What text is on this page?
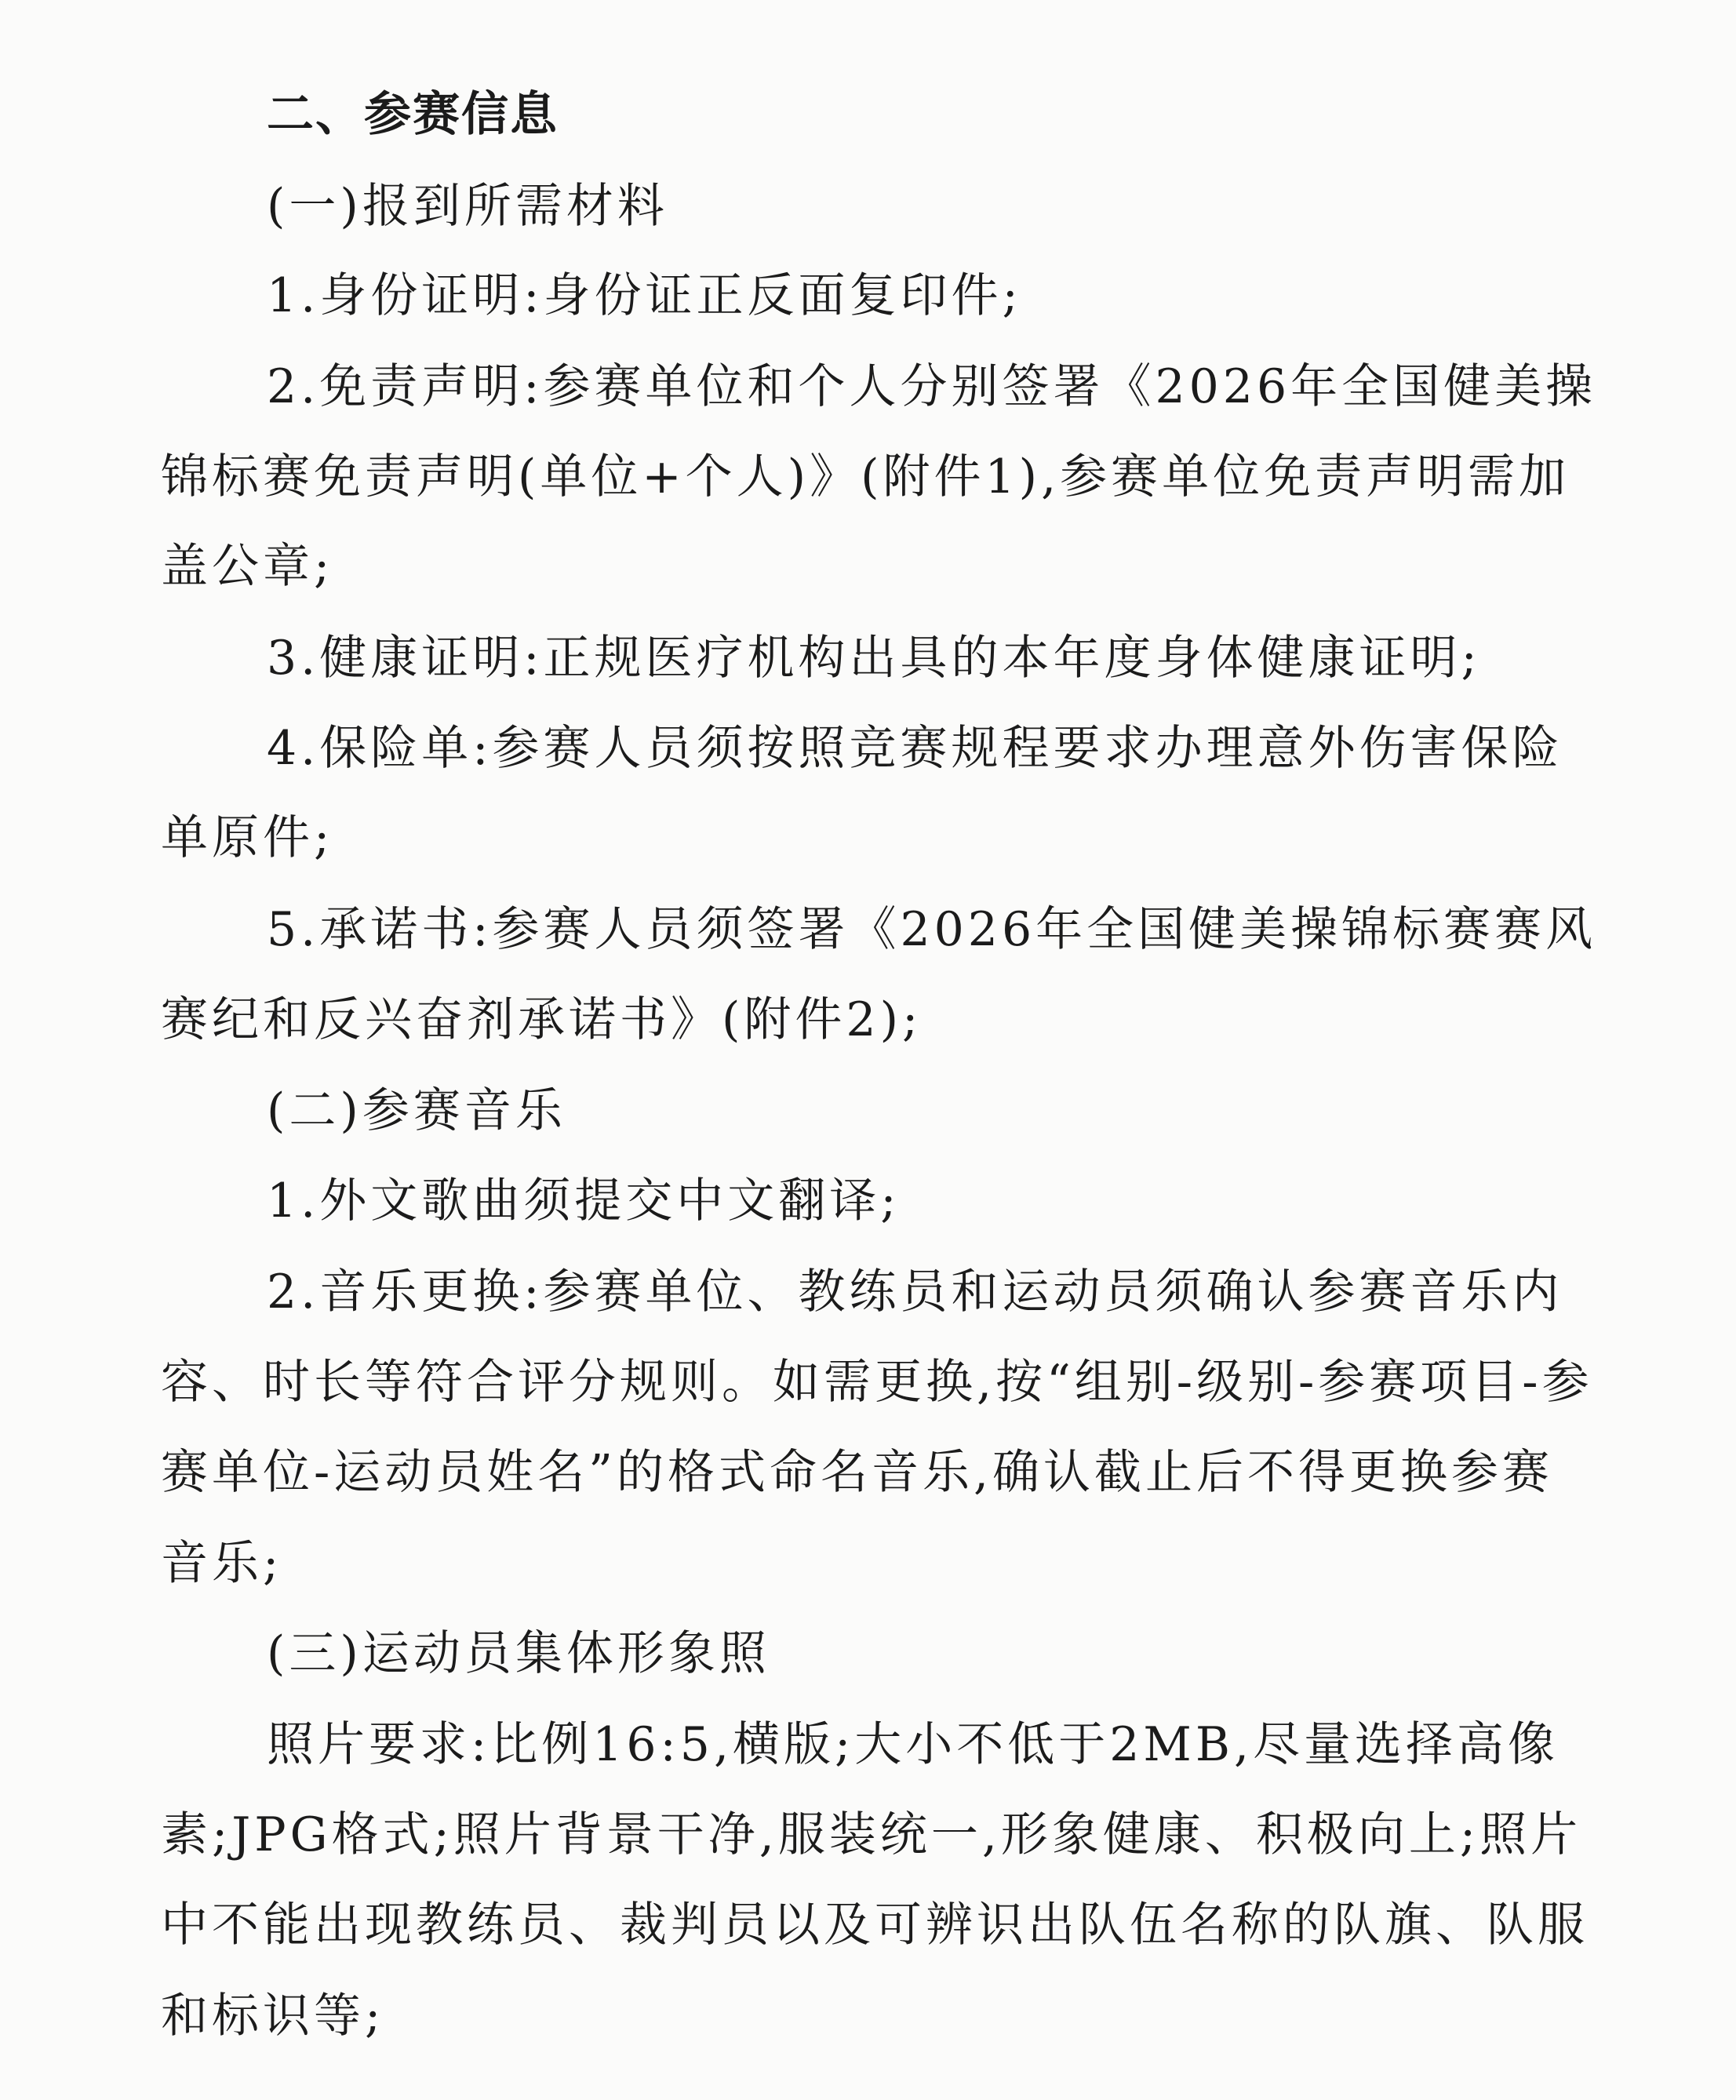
二、参赛信息
(一)报到所需材料
1.身份证明:身份证正反面复印件;
2.免责声明:参赛单位和个人分别签署《2026年全国健美操
锦标赛免责声明(单位+个人)》(附件1),参赛单位免责声明需加
盖公章;
3.健康证明:正规医疗机构出具的本年度身体健康证明;
4.保险单:参赛人员须按照竞赛规程要求办理意外伤害保险
单原件;
5.承诺书:参赛人员须签署《2026年全国健美操锦标赛赛风
赛纪和反兴奋剂承诺书》(附件2);
(二)参赛音乐
1.外文歌曲须提交中文翻译;
2.音乐更换:参赛单位、教练员和运动员须确认参赛音乐内
容、时长等符合评分规则。如需更换,按“组别-级别-参赛项目-参
赛单位-运动员姓名”的格式命名音乐,确认截止后不得更换参赛
音乐;
(三)运动员集体形象照
照片要求:比例16:5,横版;大小不低于2MB,尽量选择高像
素;JPG格式;照片背景干净,服装统一,形象健康、积极向上;照片
中不能出现教练员、裁判员以及可辨识出队伍名称的队旗、队服
和标识等;
